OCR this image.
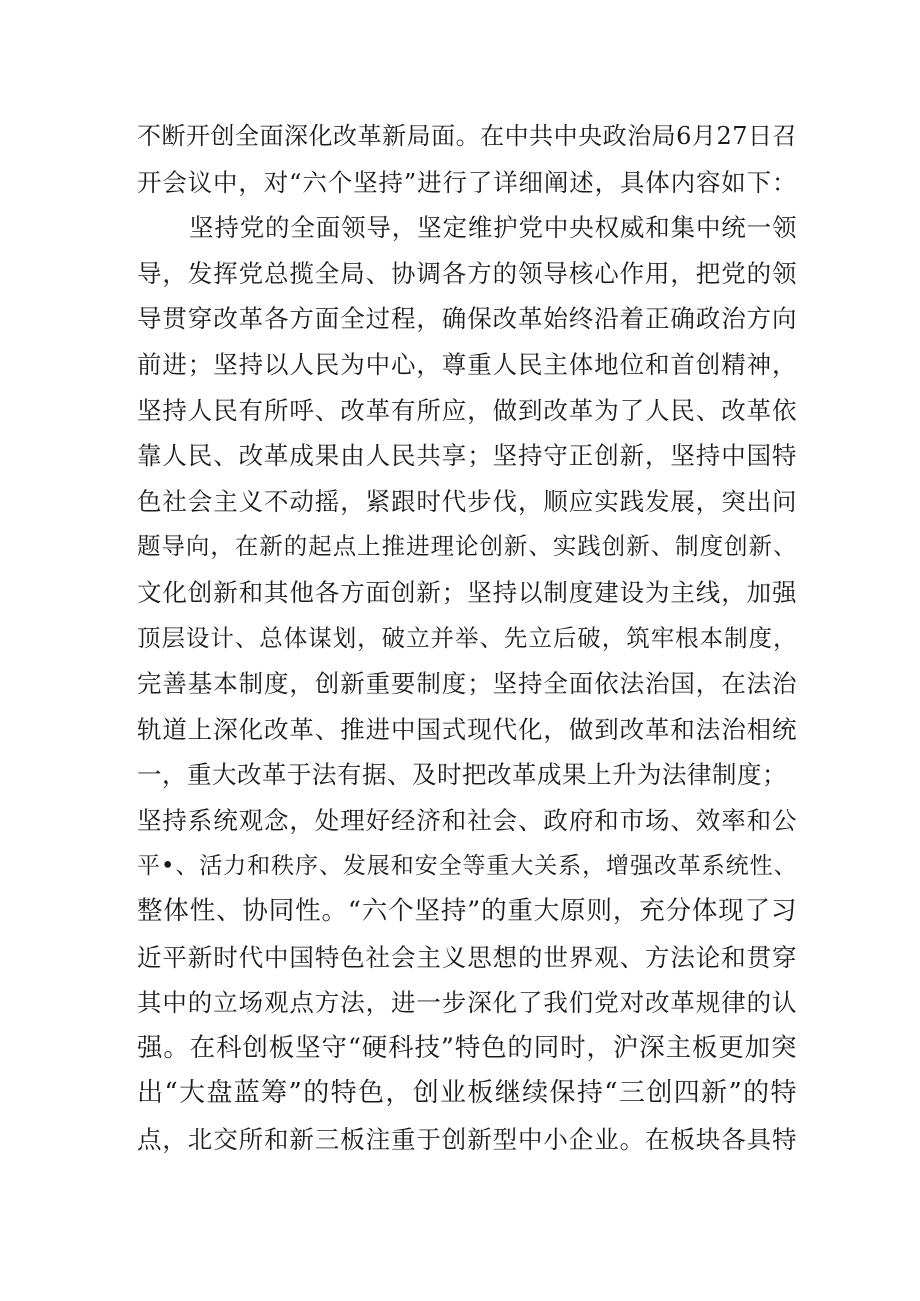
不断开创全面深化改革新局面。在中共中央政治局6月27日召
开会议中，对“六个坚持”进行了详细阐述，具体内容如下：
坚持党的全面领导，坚定维护党中央权威和集中统一领
导，发挥党总揽全局、协调各方的领导核心作用，把党的领
导贯穿改革各方面全过程，确保改革始终沿着正确政治方向
前进；坚持以人民为中心，尊重人民主体地位和首创精神，
坚持人民有所呼、改革有所应，做到改革为了人民、改革依
靠人民、改革成果由人民共享；坚持守正创新，坚持中国特
色社会主义不动摇，紧跟时代步伐，顺应实践发展，突出问
题导向，在新的起点上推进理论创新、实践创新、制度创新、
文化创新和其他各方面创新；坚持以制度建设为主线，加强
顶层设计、总体谋划，破立并举、先立后破，筑牢根本制度，
完善基本制度，创新重要制度；坚持全面依法治国，在法治
轨道上深化改革、推进中国式现代化，做到改革和法治相统
一，重大改革于法有据、及时把改革成果上升为法律制度；
坚持系统观念，处理好经济和社会、政府和市场、效率和公
平•、活力和秩序、发展和安全等重大关系，增强改革系统性、
整体性、协同性。“六个坚持”的重大原则，充分体现了习
近平新时代中国特色社会主义思想的世界观、方法论和贯穿
其中的立场观点方法，进一步深化了我们党对改革规律的认
强。在科创板坚守“硬科技”特色的同时，沪深主板更加突
出“大盘蓝筹”的特色，创业板继续保持“三创四新”的特
点，北交所和新三板注重于创新型中小企业。在板块各具特
